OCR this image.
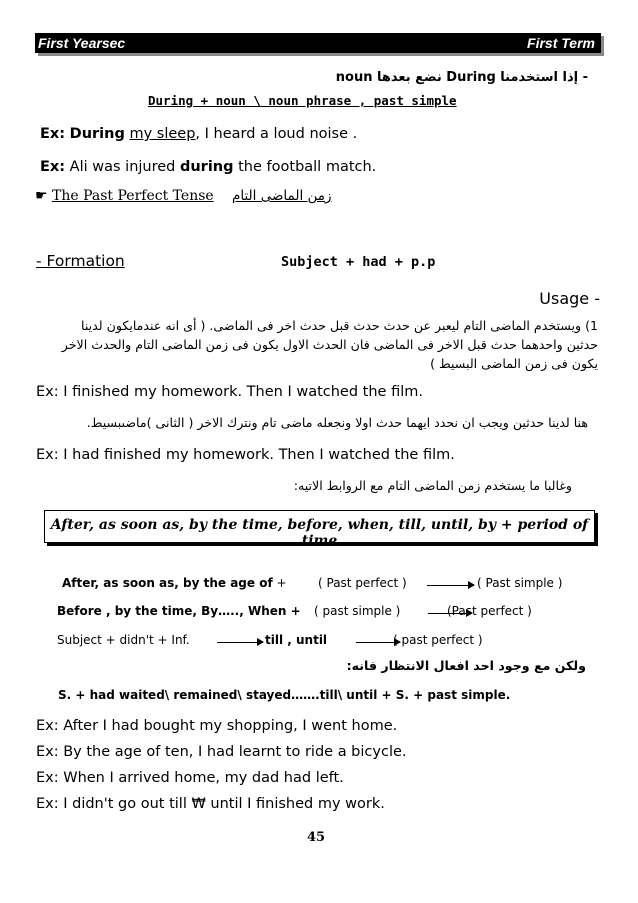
First Yearsec	First Term
- إذا استخدمنا During نضع بعدها noun
During + noun \ noun phrase , past simple
Ex: During my sleep, I heard a loud noise .
Ex: Ali was injured during the football match.
☛ The Past Perfect Tense زمن الماضى التام
- Formation	Subject + had + p.p
Usage -
1) ويستخدم الماضى التام ليعبر عن حدث حدث قبل حدث اخر فى الماضى. ( أى انه عندمايكون لدينا
حدثين واحدهما حدث قبل الاخر فى الماضى فان الحدث الاول يكون فى زمن الماضى التام والحدث الاخر
يكون فى زمن الماضى البسيط )
Ex: I finished my homework. Then I watched the film.
هنا لدينا حدثين ويجب ان نحدد ايهما حدث اولا ونجعله ماضى تام ونترك الاخر ( الثانى )ماضىبسيط.
Ex: I had finished my homework. Then I watched the film.
وغالبا ما يستخدم زمن الماضى التام مع الروابط الاتيه:
After, as soon as, by the time, before, when, till, until, by + period of time
After, as soon as, by the age of +	( Past perfect )	( Past simple )
Before , by the time, By….., When + ( past simple )	(Past perfect )
Subject + didn't + Inf.	till , until	( past perfect )
ولكن مع وجود احد افعال الانتظار فانه:
S. + had waited\ remained\ stayed…….till\ until + S. + past simple.
Ex: After I had bought my shopping, I went home.
Ex: By the age of ten, I had learnt to ride a bicycle.
Ex: When I arrived home, my dad had left.
Ex: I didn't go out till ₩ until I finished my work.
45
